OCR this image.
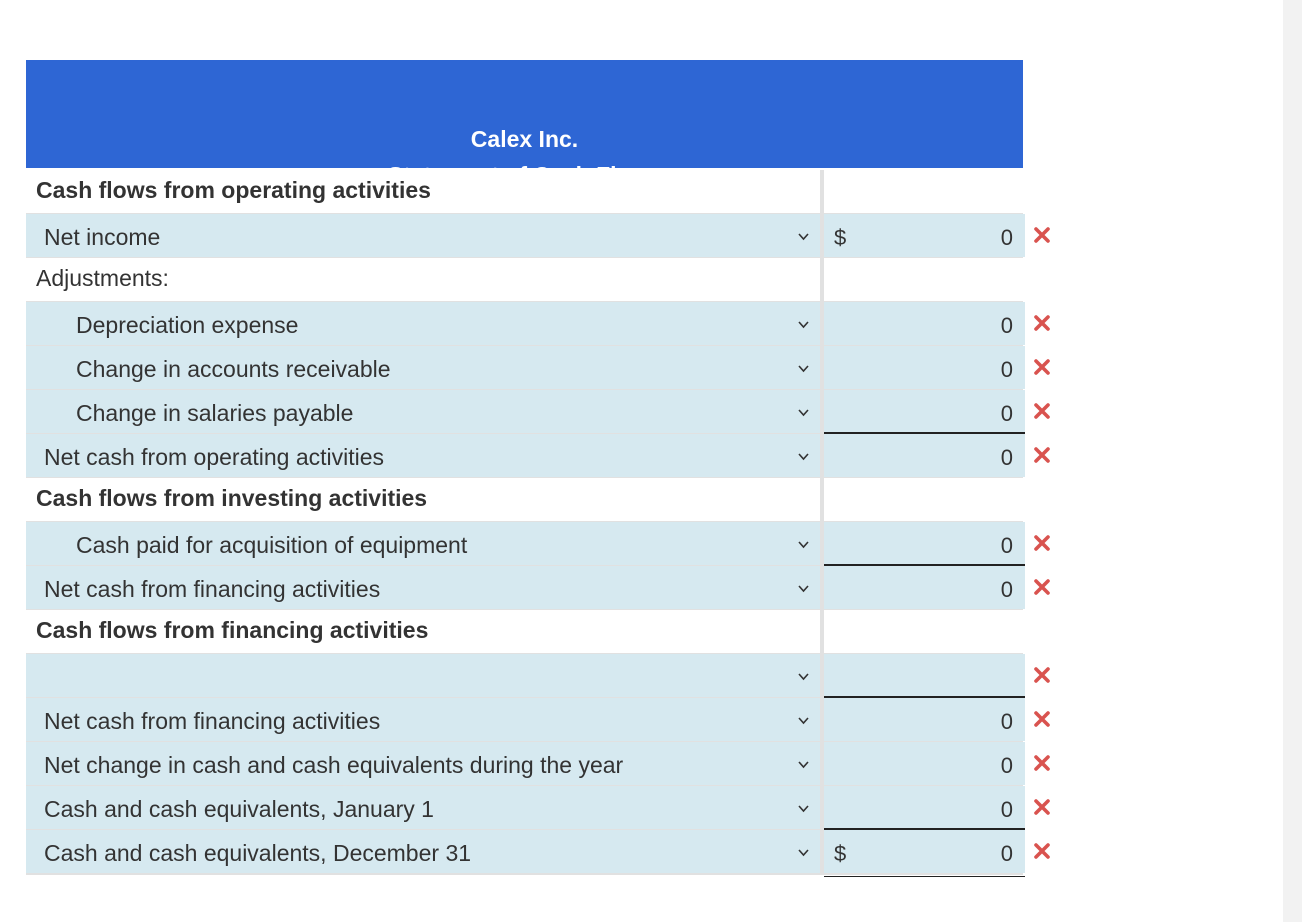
Calex Inc.
Cash flows from operating activities
Net income	$	0
Adjustments:
Depreciation expense	0
Change in accounts receivable	0
Change in salaries payable	0
Net cash from operating activities	0
Cash flows from investing activities
Cash paid for acquisition of equipment	0
Net cash from financing activities	0
Cash flows from financing activities
Net cash from financing activities	0
Net change in cash and cash equivalents during the year	0
Cash and cash equivalents, January 1	0
Cash and cash equivalents, December 31	$	0
